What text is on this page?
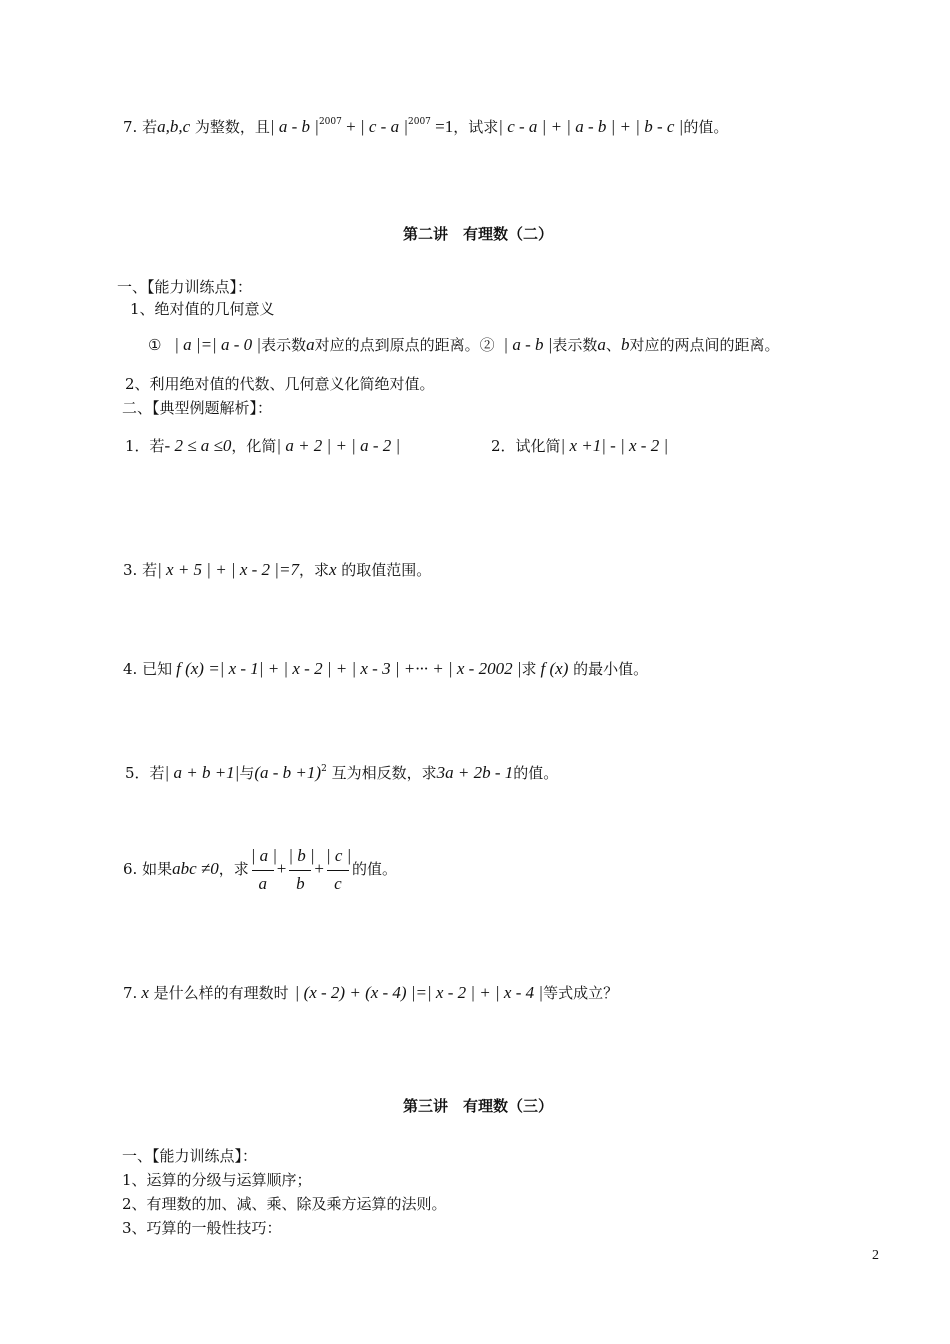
7. 若a,b,c 为整数，且| a - b $|^{2007}$ + | c - a $|^{2007} =1$，试求| c - a | + | a - b | + | b - c |的值。
第二讲　有理数（二）
一、【能力训练点】：
1、绝对值的几何意义
① | a |=| a - 0 |表示数a对应的点到原点的距离。② | a - b |表示数a、b对应的两点间的距离。
2、利用绝对值的代数、几何意义化简绝对值。
二、【典型例题解析】：
1．若- 2 ≤ a ≤0，化简| a + 2 | + | a - 2 |	2．试化简| x +1| - | x - 2 |
3. 若| x + 5 | + | x - 2 |=7，求x 的取值范围。
4. 已知 f (x) =| x - 1| + | x - 2 | + | x - 3 | +··· + | x - 2002 |求 f (x) 的最小值。
5．若| a + b +1|与$(a - b +1)^2$ 互为相反数，求3a + 2b - 1的值。
6. 如果abc ≠0，求 $\frac{| a |}{a} + \frac{| b |}{b} + \frac{| c |}{c}$ 的值。
7. x 是什么样的有理数时 | (x - 2) + (x - 4) |=| x - 2 | + | x - 4 |等式成立？
第三讲　有理数（三）
一、【能力训练点】：
1、运算的分级与运算顺序；
2、有理数的加、减、乘、除及乘方运算的法则。
3、巧算的一般性技巧：
2
